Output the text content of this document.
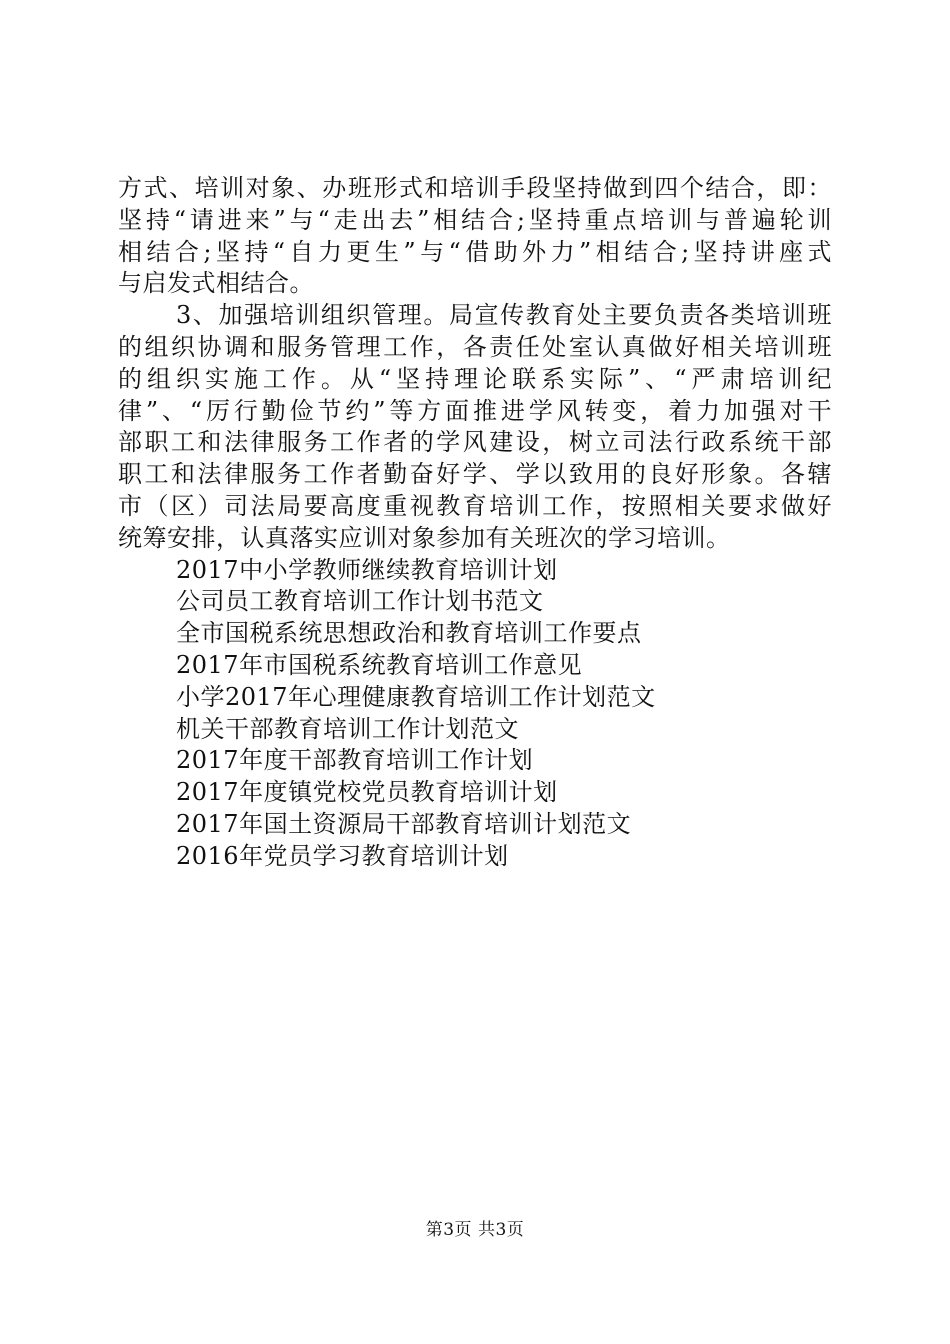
方式、培训对象、办班形式和培训手段坚持做到四个结合，即：
坚持“请进来”与“走出去”相结合;坚持重点培训与普遍轮训
相结合;坚持“自力更生”与“借助外力”相结合;坚持讲座式
与启发式相结合。
3、加强培训组织管理。局宣传教育处主要负责各类培训班
的组织协调和服务管理工作，各责任处室认真做好相关培训班
的组织实施工作。从“坚持理论联系实际”、“严肃培训纪
律”、“厉行勤俭节约”等方面推进学风转变，着力加强对干
部职工和法律服务工作者的学风建设，树立司法行政系统干部
职工和法律服务工作者勤奋好学、学以致用的良好形象。各辖
市（区）司法局要高度重视教育培训工作，按照相关要求做好
统筹安排，认真落实应训对象参加有关班次的学习培训。
2017中小学教师继续教育培训计划
公司员工教育培训工作计划书范文
全市国税系统思想政治和教育培训工作要点
2017年市国税系统教育培训工作意见
小学2017年心理健康教育培训工作计划范文
机关干部教育培训工作计划范文
2017年度干部教育培训工作计划
2017年度镇党校党员教育培训计划
2017年国土资源局干部教育培训计划范文
2016年党员学习教育培训计划
第3页 共3页
